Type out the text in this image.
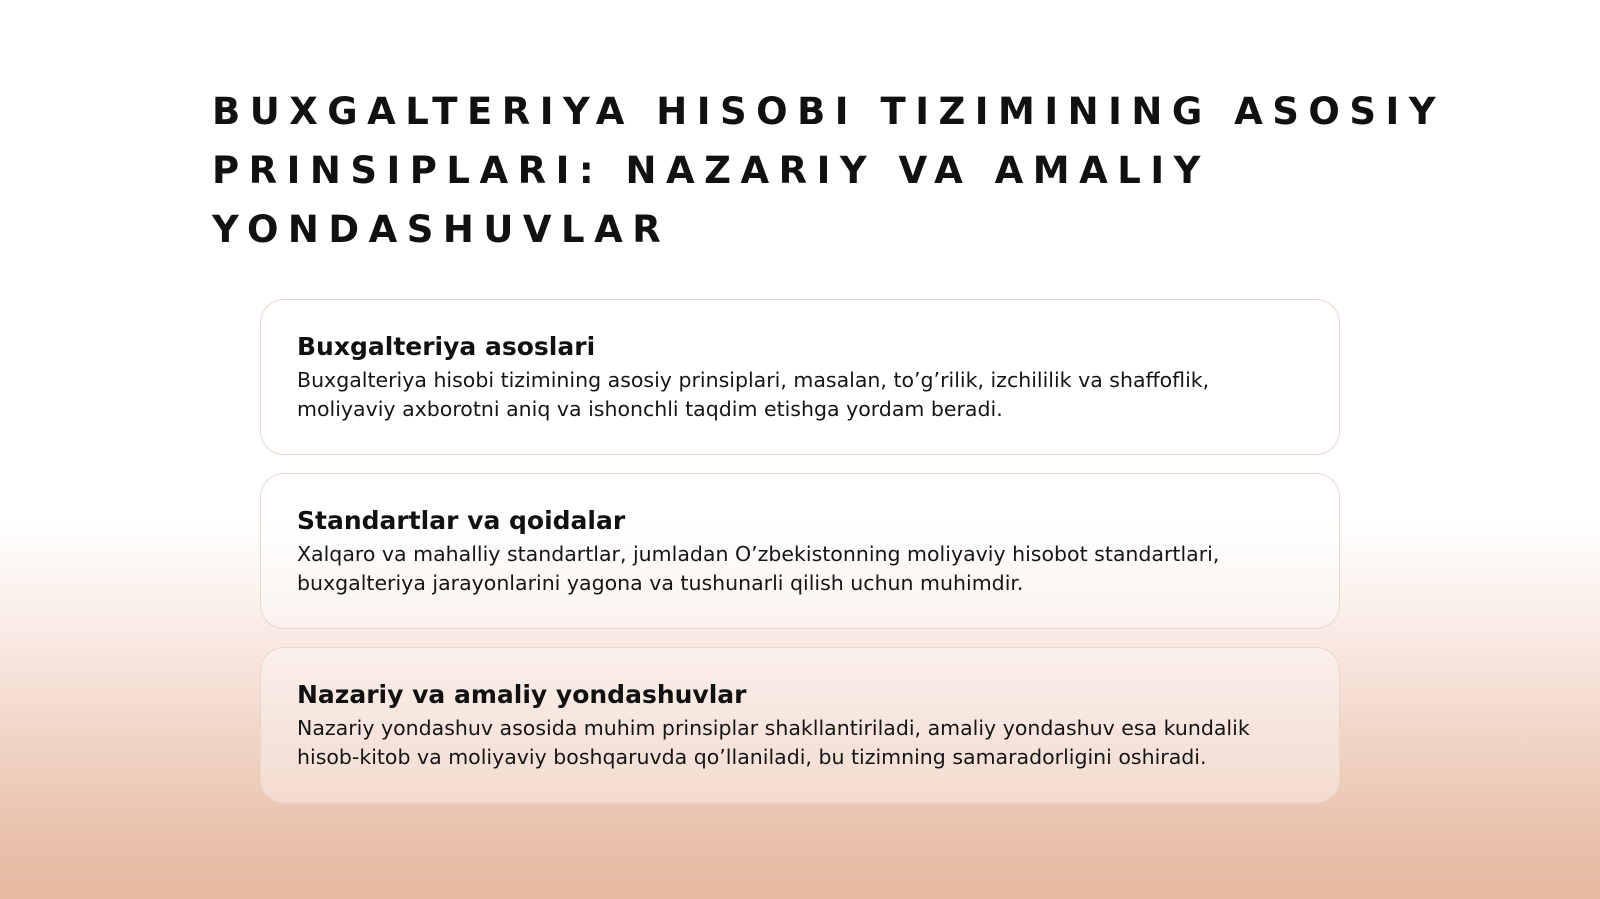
BUXGALTERIYA HISOBI TIZIMINING ASOSIY PRINSIPLARI: NAZARIY VA AMALIY YONDASHUVLAR
Buxgalteriya asoslari

Buxgalteriya hisobi tizimining asosiy prinsiplari, masalan, to’g’rilik, izchililik va shaffoflik, moliyaviy axborotni aniq va ishonchli taqdim etishga yordam beradi.

Standartlar va qoidalar

Xalqaro va mahalliy standartlar, jumladan O’zbekistonning moliyaviy hisobot standartlari, buxgalteriya jarayonlarini yagona va tushunarli qilish uchun muhimdir.

Nazariy va amaliy yondashuvlar

Nazariy yondashuv asosida muhim prinsiplar shakllantiriladi, amaliy yondashuv esa kundalik hisob-kitob va moliyaviy boshqaruvda qo’llaniladi, bu tizimning samaradorligini oshiradi.
